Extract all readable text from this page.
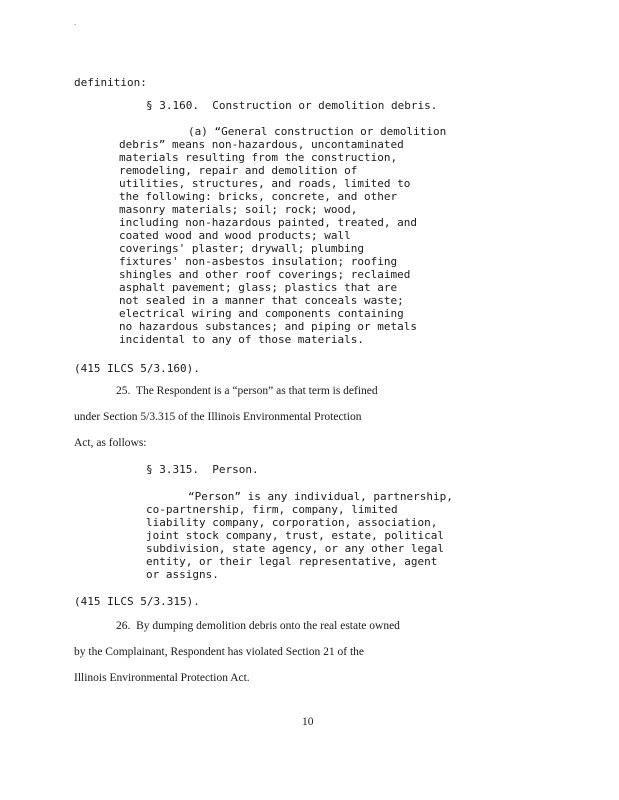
.
definition:
§ 3.160.  Construction or demolition debris.
(a) “General construction or demolition
debris” means non-hazardous, uncontaminated
materials resulting from the construction,
remodeling, repair and demolition of
utilities, structures, and roads, limited to
the following: bricks, concrete, and other
masonry materials; soil; rock; wood,
including non-hazardous painted, treated, and
coated wood and wood products; wall
coverings' plaster; drywall; plumbing
fixtures' non-asbestos insulation; roofing
shingles and other roof coverings; reclaimed
asphalt pavement; glass; plastics that are
not sealed in a manner that conceals waste;
electrical wiring and components containing
no hazardous substances; and piping or metals
incidental to any of those materials.
(415 ILCS 5/3.160).
25.  The Respondent is a “person” as that term is defined
under Section 5/3.315 of the Illinois Environmental Protection
Act, as follows:
§ 3.315.  Person.
“Person” is any individual, partnership,
co-partnership, firm, company, limited
liability company, corporation, association,
joint stock company, trust, estate, political
subdivision, state agency, or any other legal
entity, or their legal representative, agent
or assigns.
(415 ILCS 5/3.315).
26.  By dumping demolition debris onto the real estate owned
by the Complainant, Respondent has violated Section 21 of the
Illinois Environmental Protection Act.
10
